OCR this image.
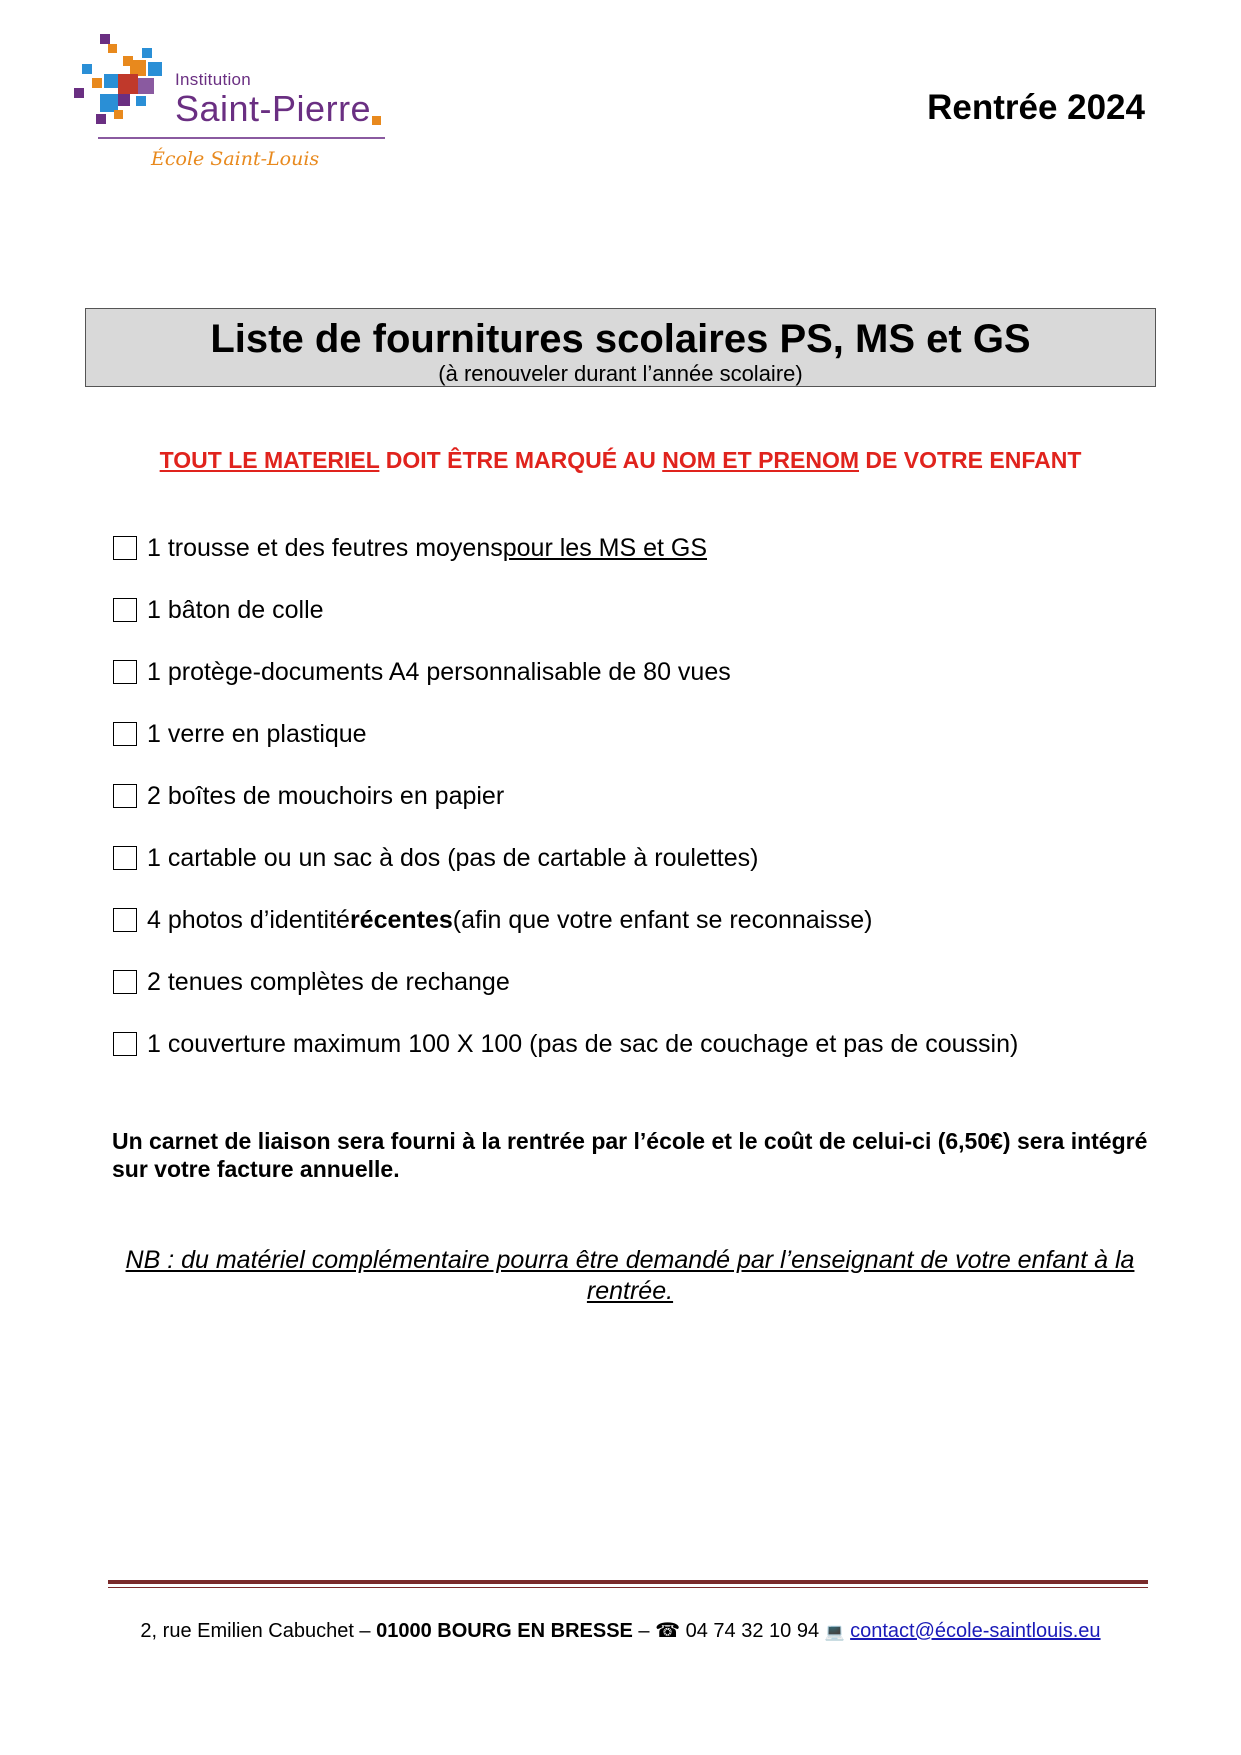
Institution
Saint-Pierre
École Saint-Louis
Rentrée 2024
Liste de fournitures scolaires PS, MS et GS
(à renouveler durant l’année scolaire)
TOUT LE MATERIEL DOIT ÊTRE MARQUÉ AU NOM ET PRENOM DE VOTRE ENFANT
1 trousse et des feutres moyens pour les MS et GS
1 bâton de colle
1 protège-documents A4 personnalisable de 80 vues
1 verre en plastique
2 boîtes de mouchoirs en papier
1 cartable ou un sac à dos (pas de cartable à roulettes)
4 photos d’identité récentes (afin que votre enfant se reconnaisse)
2 tenues complètes de rechange
1 couverture maximum 100 X 100 (pas de sac de couchage et pas de coussin)
Un carnet de liaison sera fourni à la rentrée par l’école et le coût de celui-ci (6,50€) sera intégré sur votre facture annuelle.
NB : du matériel complémentaire pourra être demandé par l’enseignant de votre enfant à la rentrée.
2, rue Emilien Cabuchet – 01000 BOURG EN BRESSE – ☎ 04 74 32 10 94 💻 contact@école-saintlouis.eu
